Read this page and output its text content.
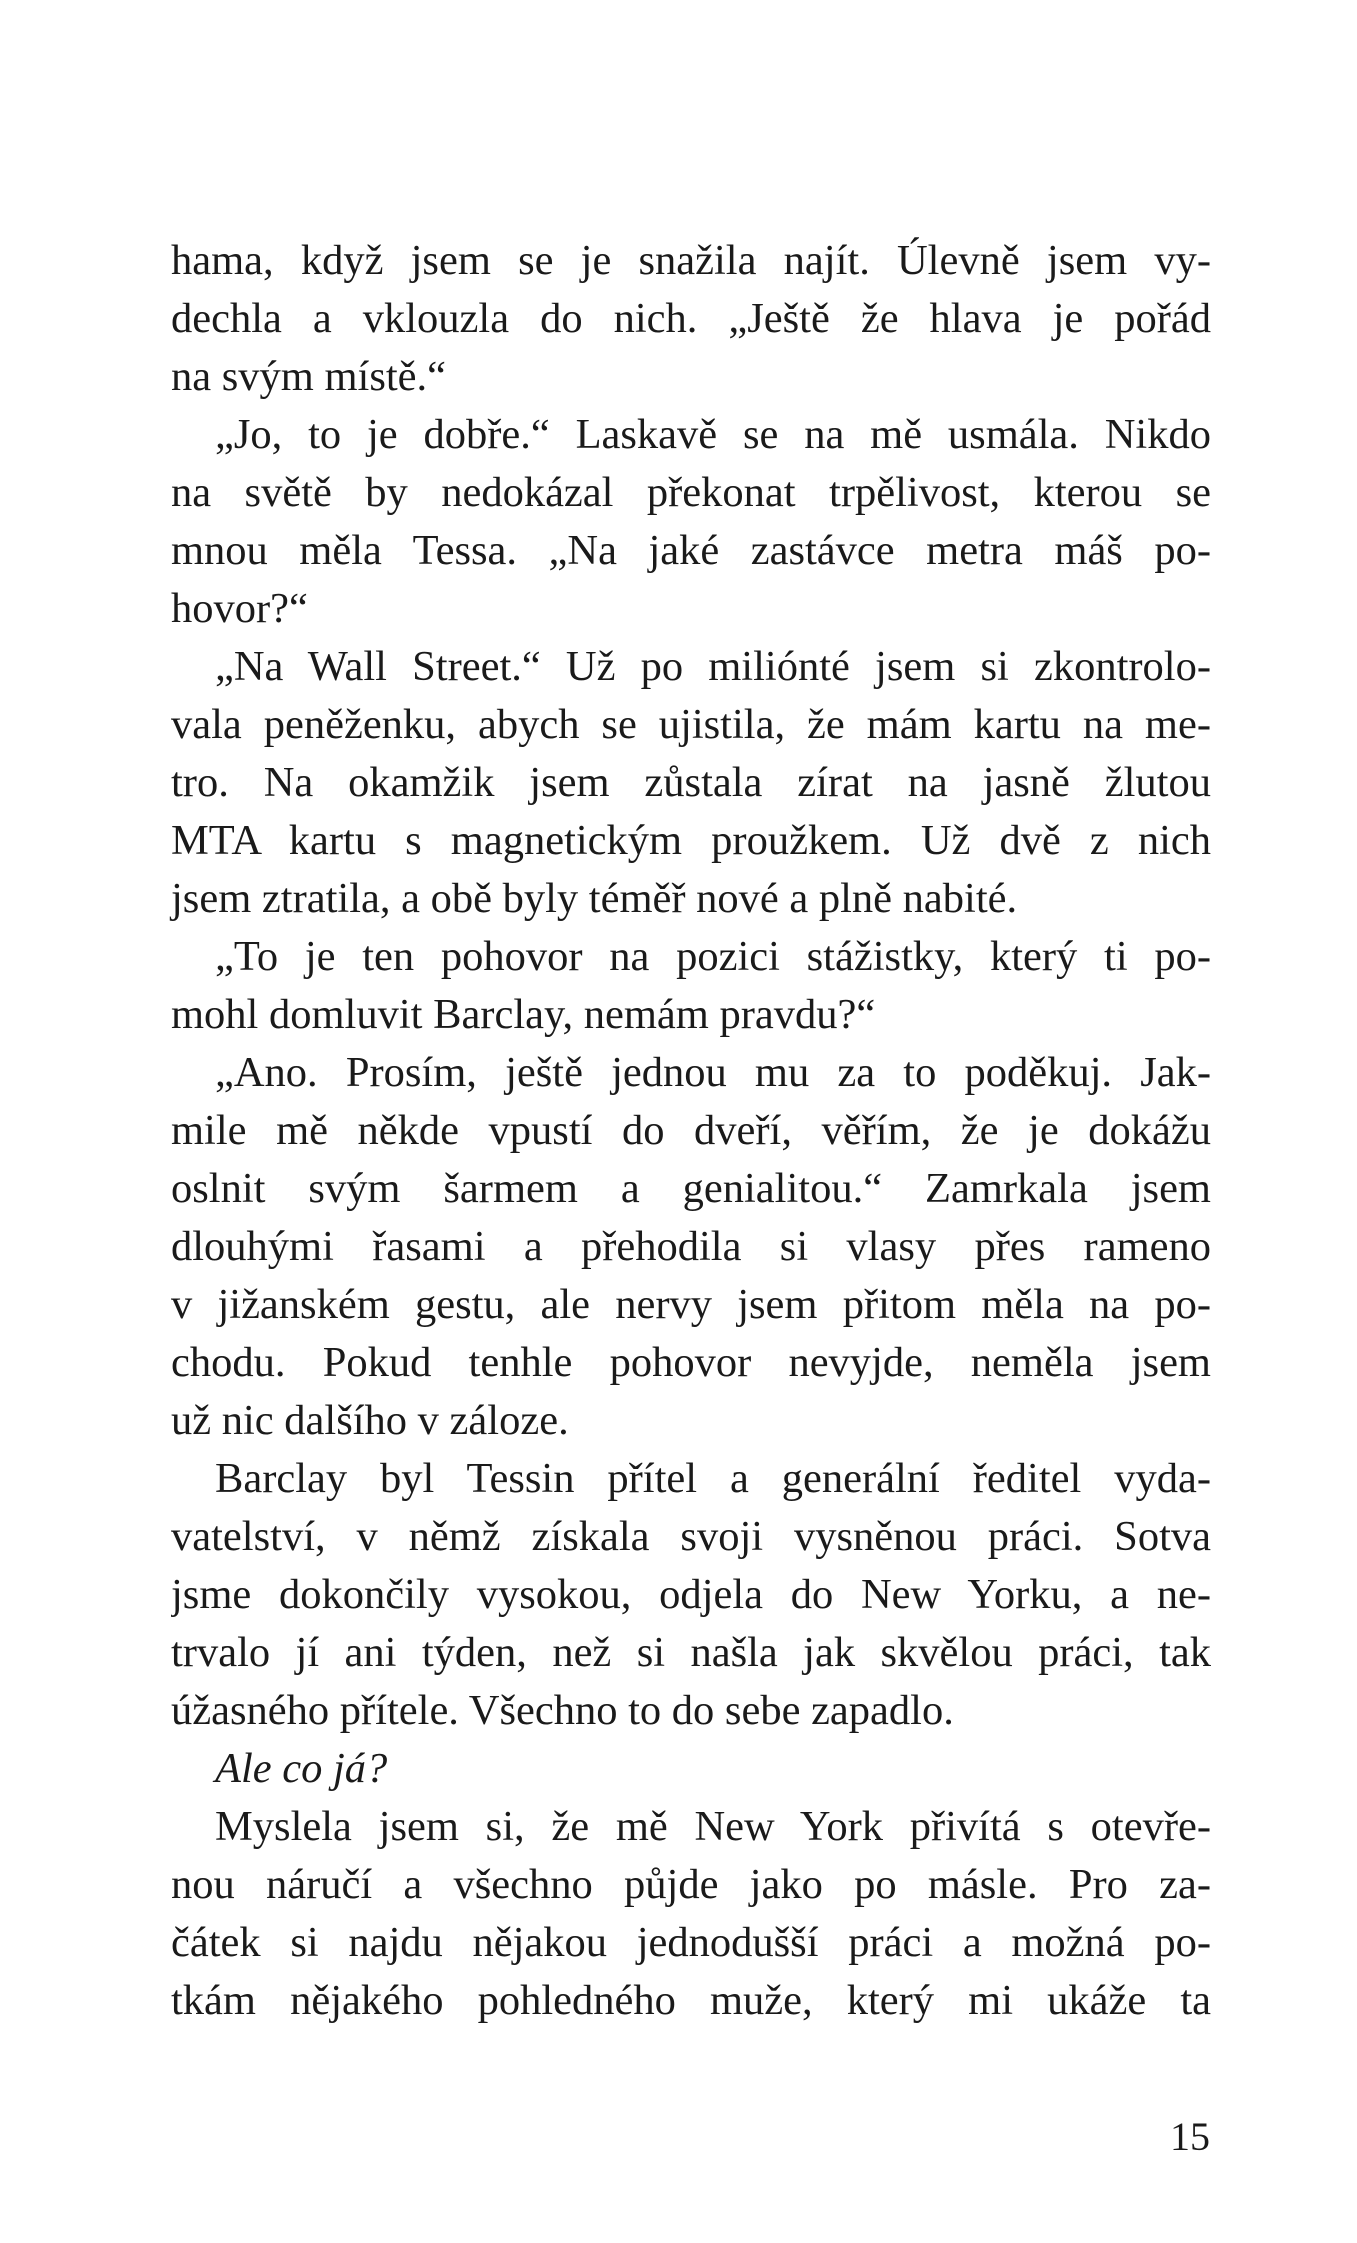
hama, když jsem se je snažila najít. Úlevně jsem vy-
dechla a vklouzla do nich. „Ještě že hlava je pořád
na svým místě.“
„Jo, to je dobře.“ Laskavě se na mě usmála. Nikdo
na světě by nedokázal překonat trpělivost, kterou se
mnou měla Tessa. „Na jaké zastávce metra máš po-
hovor?“
„Na Wall Street.“ Už po miliónté jsem si zkontrolo-
vala peněženku, abych se ujistila, že mám kartu na me-
tro. Na okamžik jsem zůstala zírat na jasně žlutou
MTA kartu s magnetickým proužkem. Už dvě z nich
jsem ztratila, a obě byly téměř nové a plně nabité.
„To je ten pohovor na pozici stážistky, který ti po-
mohl domluvit Barclay, nemám pravdu?“
„Ano. Prosím, ještě jednou mu za to poděkuj. Jak-
mile mě někde vpustí do dveří, věřím, že je dokážu
oslnit svým šarmem a genialitou.“ Zamrkala jsem
dlouhými řasami a přehodila si vlasy přes rameno
v jižanském gestu, ale nervy jsem přitom měla na po-
chodu. Pokud tenhle pohovor nevyjde, neměla jsem
už nic dalšího v záloze.
Barclay byl Tessin přítel a generální ředitel vyda-
vatelství, v němž získala svoji vysněnou práci. Sotva
jsme dokončily vysokou, odjela do New Yorku, a ne-
trvalo jí ani týden, než si našla jak skvělou práci, tak
úžasného přítele. Všechno to do sebe zapadlo.
Ale co já?
Myslela jsem si, že mě New York přivítá s otevře-
nou náručí a všechno půjde jako po másle. Pro za-
čátek si najdu nějakou jednodušší práci a možná po-
tkám nějakého pohledného muže, který mi ukáže ta
15
